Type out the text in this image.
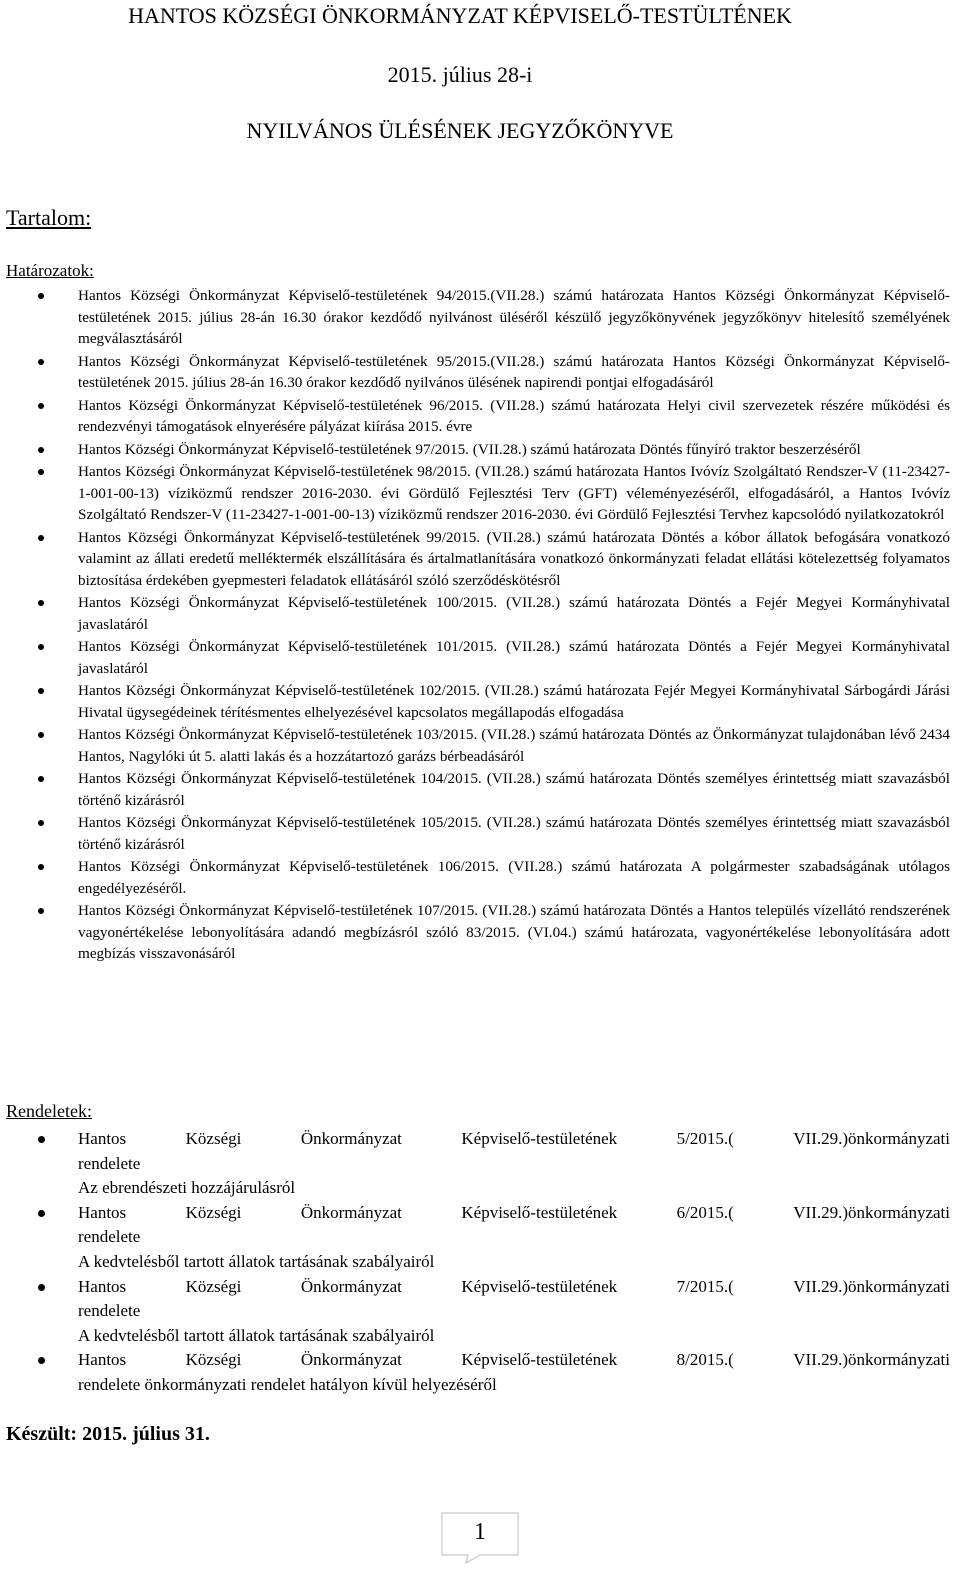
HANTOS KÖZSÉGI ÖNKORMÁNYZAT KÉPVISELŐ-TESTÜLTÉNEK
2015. július 28-i
NYILVÁNOS ÜLÉSÉNEK JEGYZŐKÖNYVE
Tartalom:
Határozatok:
Hantos Községi Önkormányzat Képviselő-testületének 94/2015.(VII.28.) számú határozata Hantos Községi Önkormányzat Képviselő-testületének 2015. július 28-án 16.30 órakor kezdődő nyilvánost üléséről készülő jegyzőkönyvének jegyzőkönyv hitelesítő személyének megválasztásáról
Hantos Községi Önkormányzat Képviselő-testületének 95/2015.(VII.28.) számú határozata Hantos Községi Önkormányzat Képviselő-testületének 2015. július 28-án 16.30 órakor kezdődő nyilvános ülésének napirendi pontjai elfogadásáról
Hantos Községi Önkormányzat Képviselő-testületének 96/2015. (VII.28.) számú határozata Helyi civil szervezetek részére működési és rendezvényi támogatások elnyerésére pályázat kiírása 2015. évre
Hantos Községi Önkormányzat Képviselő-testületének 97/2015. (VII.28.) számú határozata Döntés fűnyíró traktor beszerzéséről
Hantos Községi Önkormányzat Képviselő-testületének 98/2015. (VII.28.) számú határozata Hantos Ivóvíz Szolgáltató Rendszer-V (11-23427-1-001-00-13) víziközmű rendszer 2016-2030. évi Gördülő Fejlesztési Terv (GFT) véleményezéséről, elfogadásáról, a Hantos Ivóvíz Szolgáltató Rendszer-V (11-23427-1-001-00-13) víziközmű rendszer 2016-2030. évi Gördülő Fejlesztési Tervhez kapcsolódó nyilatkozatokról
Hantos Községi Önkormányzat Képviselő-testületének 99/2015. (VII.28.) számú határozata Döntés a kóbor állatok befogására vonatkozó valamint az állati eredetű melléktermék elszállítására és ártalmatlanítására vonatkozó önkormányzati feladat ellátási kötelezettség folyamatos biztosítása érdekében gyepmesteri feladatok ellátásáról szóló szerződéskötésről
Hantos Községi Önkormányzat Képviselő-testületének 100/2015. (VII.28.) számú határozata Döntés a Fejér Megyei Kormányhivatal javaslatáról
Hantos Községi Önkormányzat Képviselő-testületének 101/2015. (VII.28.) számú határozata Döntés a Fejér Megyei Kormányhivatal javaslatáról
Hantos Községi Önkormányzat Képviselő-testületének 102/2015. (VII.28.) számú határozata Fejér Megyei Kormányhivatal Sárbogárdi Járási Hivatal ügysegédeinek térítésmentes elhelyezésével kapcsolatos megállapodás elfogadása
Hantos Községi Önkormányzat Képviselő-testületének 103/2015. (VII.28.) számú határozata Döntés az Önkormányzat tulajdonában lévő 2434 Hantos, Nagylóki út 5. alatti lakás és a hozzátartozó garázs bérbeadásáról
Hantos Községi Önkormányzat Képviselő-testületének 104/2015. (VII.28.) számú határozata Döntés személyes érintettség miatt szavazásból történő kizárásról
Hantos Községi Önkormányzat Képviselő-testületének 105/2015. (VII.28.) számú határozata Döntés személyes érintettség miatt szavazásból történő kizárásról
Hantos Községi Önkormányzat Képviselő-testületének 106/2015. (VII.28.) számú határozata A polgármester szabadságának utólagos engedélyezéséről.
Hantos Községi Önkormányzat Képviselő-testületének 107/2015. (VII.28.) számú határozata Döntés a Hantos település vízellátó rendszerének vagyonértékelése lebonyolítására adandó megbízásról szóló 83/2015. (VI.04.) számú határozata, vagyonértékelése lebonyolítására adott megbízás visszavonásáról
Rendeletek:
Hantos	Községi	Önkormányzat	Képviselő-testületének	5/2015.(	VII.29.)önkormányzati
rendelete
Az ebrendészeti hozzájárulásról
Hantos	Községi	Önkormányzat	Képviselő-testületének	6/2015.(	VII.29.)önkormányzati
rendelete
A kedvtelésből tartott állatok tartásának szabályairól
Hantos	Községi	Önkormányzat	Képviselő-testületének	7/2015.(	VII.29.)önkormányzati
rendelete
A kedvtelésből tartott állatok tartásának szabályairól
Hantos	Községi	Önkormányzat	Képviselő-testületének	8/2015.(	VII.29.)önkormányzati
rendelete önkormányzati rendelet hatályon kívül helyezéséről
Készült: 2015. július 31.
1
